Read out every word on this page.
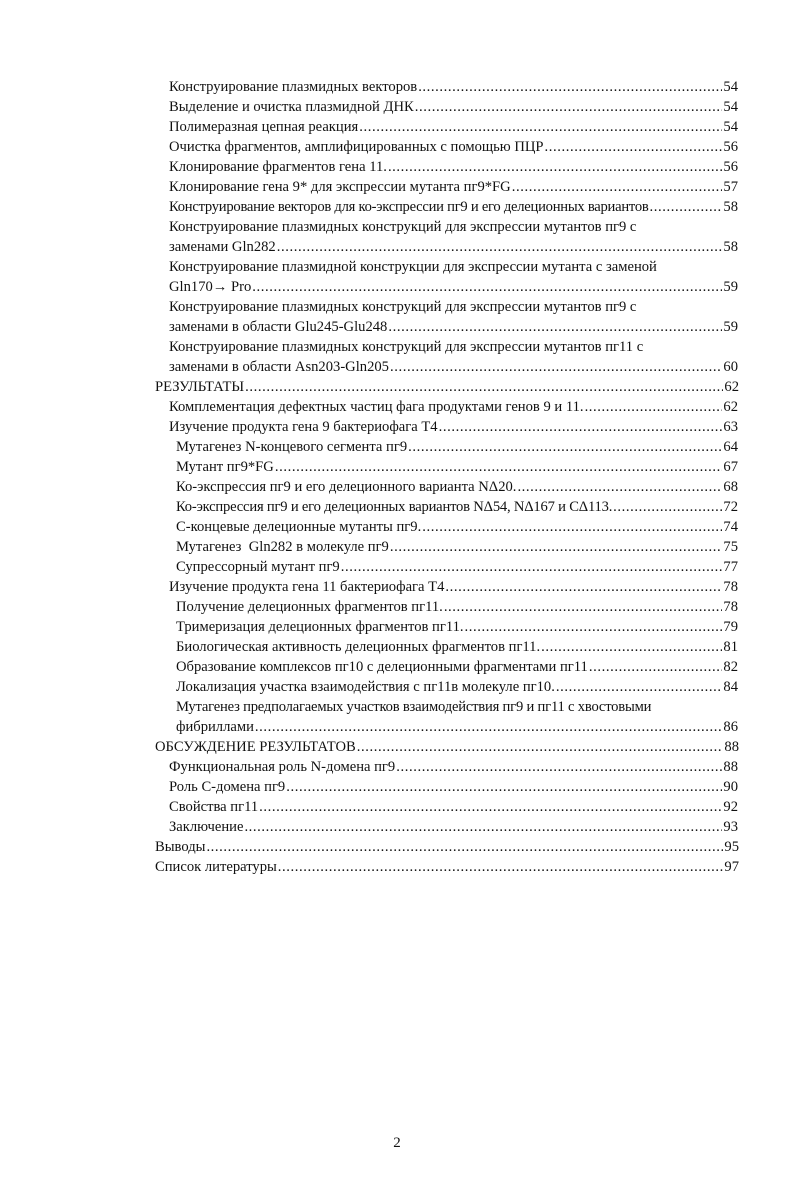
Конструирование плазмидных векторов .....	54
Выделение и очистка плазмидной ДНК .....	54
Полимеразная цепная реакция .....	54
Очистка фрагментов, амплифицированных с помощью ПЦР .....	56
Клонирование фрагментов гена 11. .....	56
Клонирование гена 9* для экспрессии мутанта пг9*FG .....	57
Конструирование векторов для ко-экспрессии пг9 и его делеционных вариантов .....	58
Конструирование плазмидных конструкций для экспрессии мутантов пг9 с
заменами Gln282 .....	58
Конструирование плазмидной конструкции для экспрессии мутанта с заменой
Gln170→ Pro .....	59
Конструирование плазмидных конструкций для экспрессии мутантов пг9 с
заменами в области Glu245-Glu248 .....	59
Конструирование плазмидных конструкций для экспрессии мутантов пг11 с
заменами в области Asn203-Gln205 .....	60
РЕЗУЛЬТАТЫ .....	62
Комплементация дефектных частиц фага продуктами генов 9 и 11. .....	62
Изучение продукта гена 9 бактериофага Т4 .....	63
Мутагенез N-концевого сегмента пг9 .....	64
Мутант пг9*FG .....	67
Ко-экспрессия пг9 и его делеционного варианта NΔ20. .....	68
Ко-экспрессия пг9 и его делеционных вариантов NΔ54, NΔ167 и CΔ113. .....	72
С-концевые делеционные мутанты пг9. .....	74
Мутагенез  Gln282 в молекуле пг9 .....	75
Супрессорный мутант пг9 .....	77
Изучение продукта гена 11 бактериофага Т4 .....	78
Получение делеционных фрагментов пг11. .....	78
Тримеризация делеционных фрагментов пг11. .....	79
Биологическая активность делеционных фрагментов пг11. .....	81
Образование комплексов пг10 с делеционными фрагментами пг11 .....	82
Локализация участка взаимодействия с пг11в молекуле пг10. .....	84
Мутагенез предполагаемых участков взаимодействия пг9 и пг11 с хвостовыми
фибриллами .....	86
ОБСУЖДЕНИЕ РЕЗУЛЬТАТОВ .....	88
Функциональная роль N-домена пг9 .....	88
Роль С-домена пг9 .....	90
Свойства пг11 .....	92
Заключение .....	93
Выводы .....	95
Список литературы .....	97
2
